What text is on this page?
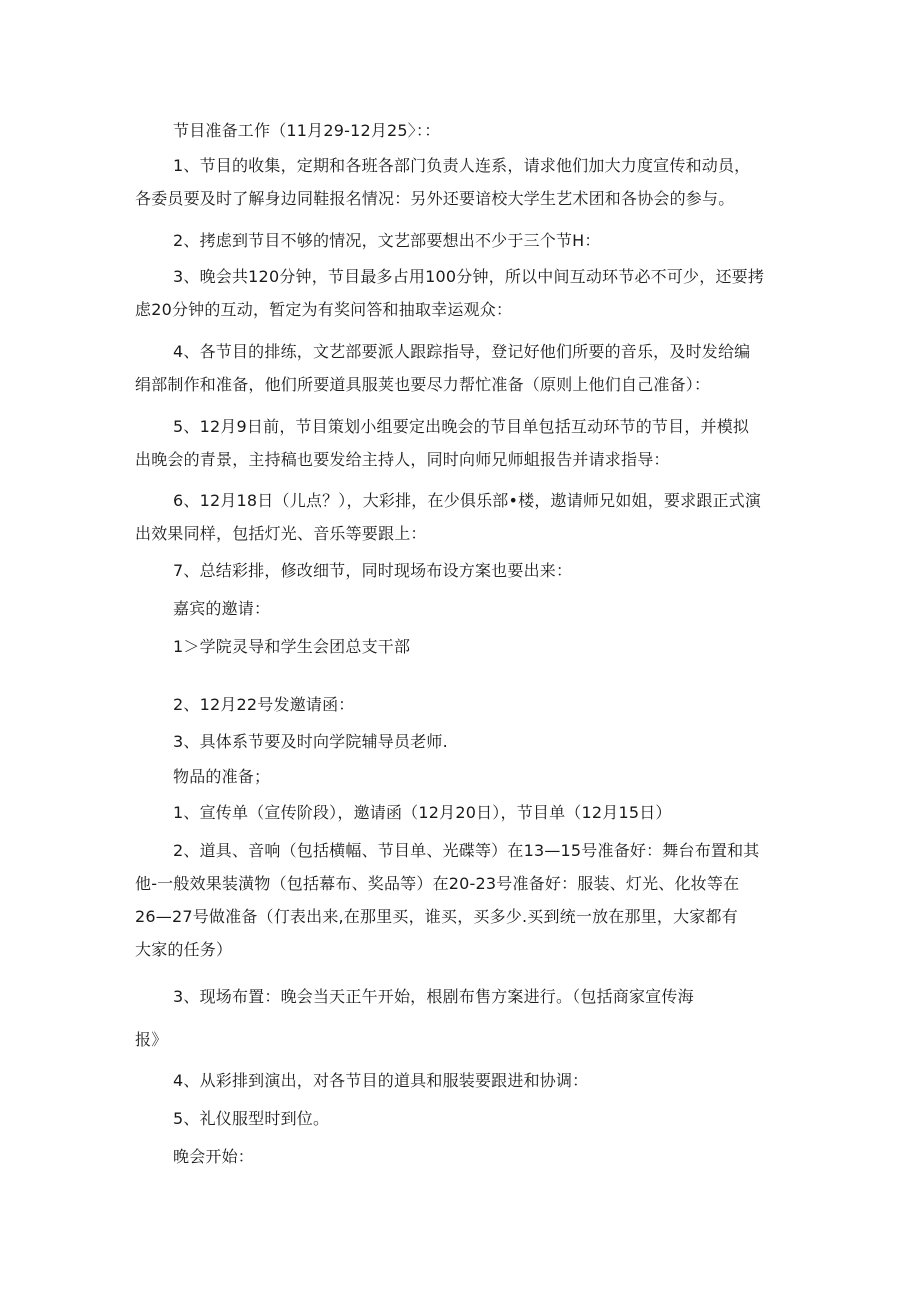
节目准备工作（11月29-12月25〉：：

1、节目的收集，定期和各班各部门负责人连系，请求他们加大力度宣传和动员，
各委员要及时了解身边同鞋报名情况：另外还要谙校大学生艺术团和各协会的参与。

2、拷虑到节目不够的情况，文艺部要想出不少于三个节H：

3、晚会共120分钟，节目最多占用100分钟，所以中间互动环节必不可少，还要拷
虑20分钟的互动，暂定为有奖问答和抽取幸运观众：

4、各节目的排练，文艺部要派人跟踪指导，登记好他们所要的音乐，及时发给编
绢部制作和准备，他们所要道具服荚也要尽力帮忙准备（原则上他们自己准备）：

5、12月9日前，节目策划小组要定出晚会的节目单包括互动环节的节目，并模拟
出晚会的青景，主持稿也要发给主持人，同时向师兄师蛆报告并请求指导：

6、12月18日（儿点？），大彩排，在少俱乐部•楼，遨请师兄如姐，要求跟正式演
出效果同样，包括灯光、音乐等要跟上：

7、总结彩排，修改细节，同时现场布设方案也要出来：

嘉宾的邀请：

1＞学院灵导和学生会团总支干部

2、12月22号发邀请函：

3、具体系节要及时向学院辅导员老师.

物品的准备；

1、宣传单（宣传阶段），邀请函（12月20日），节目单（12月15日）

2、道具、音响（包括横幅、节目单、光碟等）在13—15号准备好：舞台布置和其
他-一般效果装潢物（包括幕布、奖品等）在20-23号准备好：服装、灯光、化妆等在
26—27号做准备（仃表出来,在那里买，谁买，买多少.买到统一放在那里，大家都有
大家的任务）

3、现场布置：晚会当天正午开始，根剧布售方案进行。（包括商家宣传海
报》

4、从彩排到演出，对各节目的道具和服装要跟进和协调：

5、礼仪服型时到位。

晚会开始：
